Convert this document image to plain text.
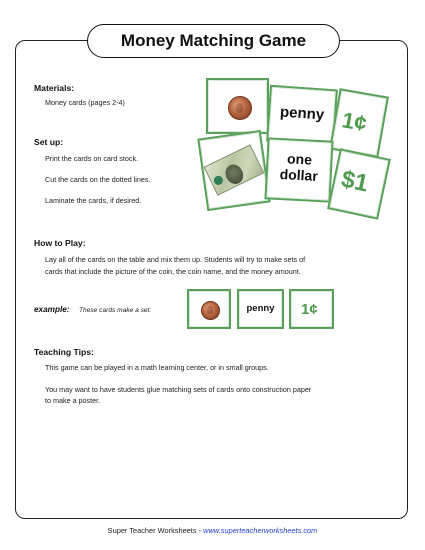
Money Matching Game
Materials:
Money cards (pages 2-4)
Set up:
Print the cards on card stock.
Cut the cards on the dotted lines.
Laminate the cards, if desired.
penny 1¢
one
dollar $1
How to Play:
Lay all of the cards on the table and mix them up. Students will try to make sets of
cards that include the picture of the coin, the coin name, and the money amount.
example: These cards make a set:	penny	1¢
Teaching Tips:
This game can be played in a math learning center, or in small groups.
You may want to have students glue matching sets of cards onto construction paper
to make a poster.
Super Teacher Worksheets - www.superteacherworksheets.com
